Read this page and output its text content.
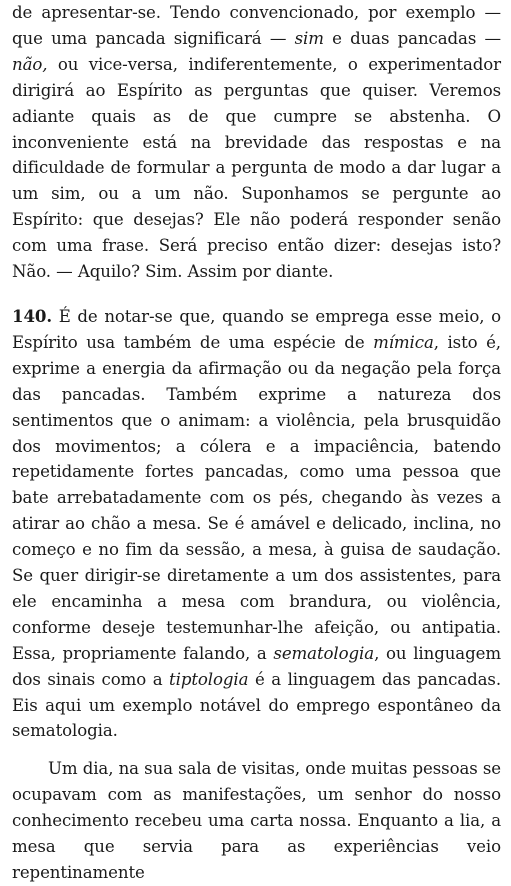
de apresentar-se. Tendo convencionado, por exemplo — que uma pancada significará — sim e duas pancadas — não, ou vice-versa, indiferentemente, o experimentador dirigirá ao Espírito as perguntas que quiser. Veremos adiante quais as de que cumpre se abstenha. O inconveniente está na brevidade das respostas e na dificuldade de formular a pergunta de modo a dar lugar a um sim, ou a um não. Suponhamos se pergunte ao Espírito: que desejas? Ele não poderá responder senão com uma frase. Será preciso então dizer: desejas isto? Não. — Aquilo? Sim. Assim por diante.

140. É de notar-se que, quando se emprega esse meio, o Espírito usa também de uma espécie de mímica, isto é, exprime a energia da afirmação ou da negação pela força das pancadas. Também exprime a natureza dos sentimentos que o animam: a violência, pela brusquidão dos movimentos; a cólera e a impaciência, batendo repetidamente fortes pancadas, como uma pessoa que bate arrebatadamente com os pés, chegando às vezes a atirar ao chão a mesa. Se é amável e delicado, inclina, no começo e no fim da sessão, a mesa, à guisa de saudação. Se quer dirigir-se diretamente a um dos assistentes, para ele encaminha a mesa com brandura, ou violência, conforme deseje testemunhar-lhe afeição, ou antipatia. Essa, propriamente falando, a sematologia, ou linguagem dos sinais como a tiptologia é a linguagem das pancadas. Eis aqui um exemplo notável do emprego espontâneo da sematologia.

Um dia, na sua sala de visitas, onde muitas pessoas se ocupavam com as manifestações, um senhor do nosso conhecimento recebeu uma carta nossa. Enquanto a lia, a mesa que servia para as experiências veio repentinamente
